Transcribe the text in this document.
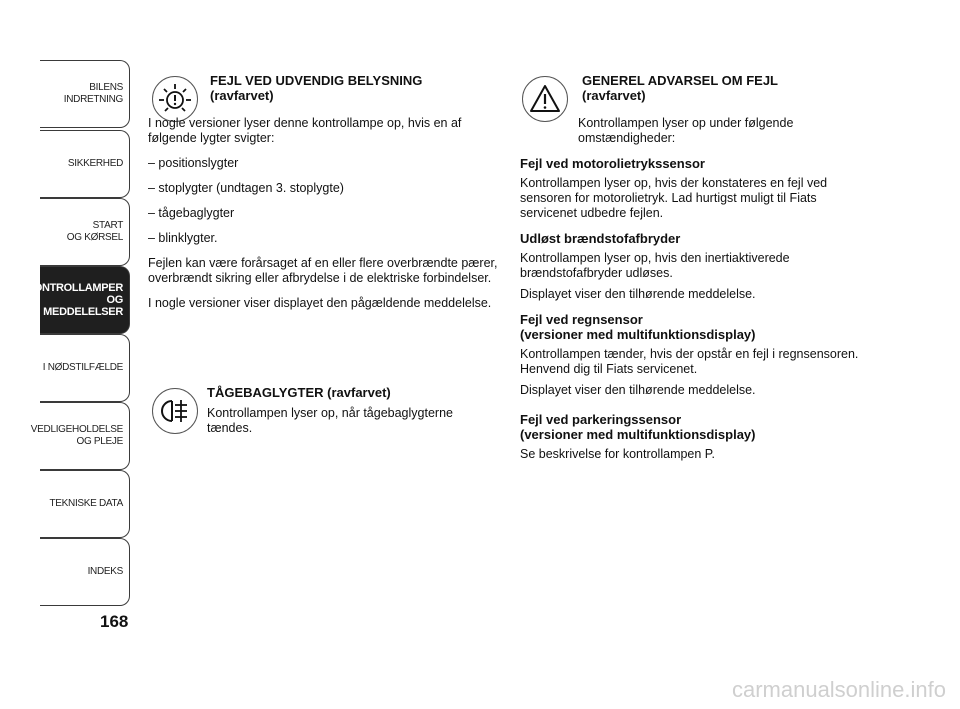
BILENS
INDRETNING
SIKKERHED
START
OG KØRSEL
KONTROLLAMPER
OG MEDDELELSER
I NØDSTILFÆLDE
VEDLIGEHOLDELSE
OG PLEJE
TEKNISKE DATA
INDEKS
168

FEJL VED UDVENDIG BELYSNING

(ravfarvet)

I nogle versioner lyser denne kontrollampe op, hvis en af følgende lygter svigter:

– positionslygter

– stoplygter (undtagen 3. stoplygte)

– tågebaglygter

– blinklygter.

Fejlen kan være forårsaget af en eller flere overbrændte pærer, overbrændt sikring eller afbrydelse i de elektriske forbindelser.

I nogle versioner viser displayet den pågældende meddelelse.

TÅGEBAGLYGTER (ravfarvet)

Kontrollampen lyser op, når tågebaglygterne tændes.

GENEREL ADVARSEL OM FEJL

(ravfarvet)

Kontrollampen lyser op under følgende omstændigheder:

Fejl ved motorolietrykssensor

Kontrollampen lyser op, hvis der konstateres en fejl ved sensoren for motorolietryk. Lad hurtigst muligt til Fiats servicenet udbedre fejlen.

Udløst brændstofafbryder

Kontrollampen lyser op, hvis den inertiaktiverede brændstofafbryder udløses.

Displayet viser den tilhørende meddelelse.

Fejl ved regnsensor

(versioner med multifunktionsdisplay)

Kontrollampen tænder, hvis der opstår en fejl i regnsensoren. Henvend dig til Fiats servicenet.

Displayet viser den tilhørende meddelelse.

Fejl ved parkeringssensor

(versioner med multifunktionsdisplay)

Se beskrivelse for kontrollampen P.

carmanualsonline.info
